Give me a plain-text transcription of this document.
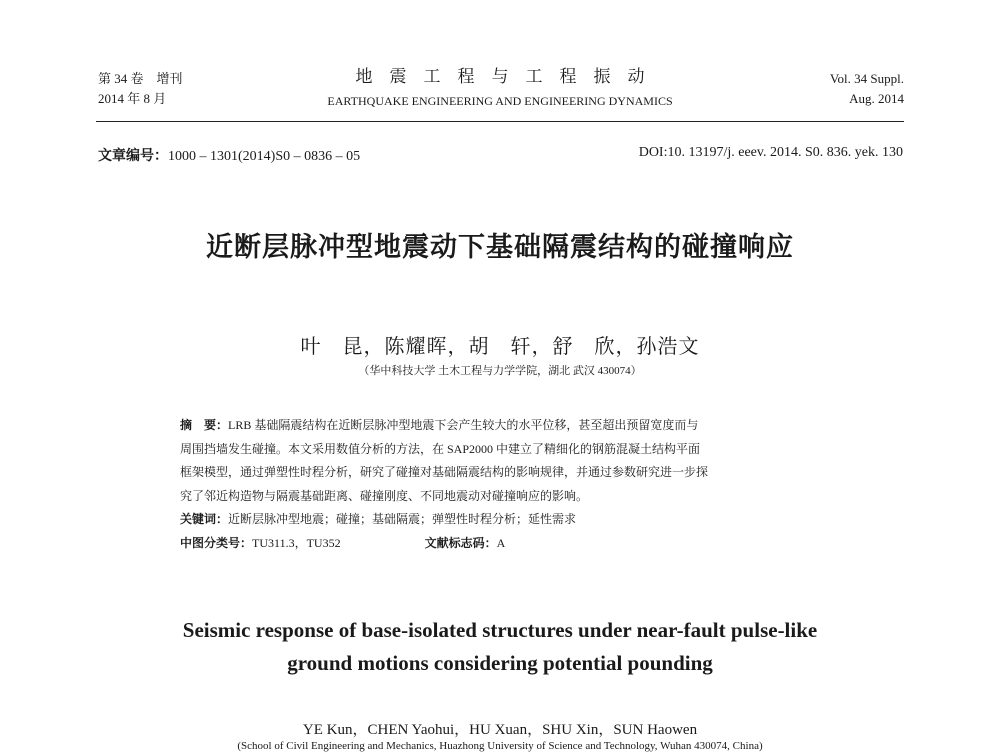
第 34 卷　增刊
2014 年 8 月
地　震　工　程　与　工　程　振　动
EARTHQUAKE ENGINEERING AND ENGINEERING DYNAMICS
Vol. 34 Suppl.
Aug. 2014
文章编号：1000 – 1301(2014)S0 – 0836 – 05	DOI:10. 13197/j. eeev. 2014. S0. 836. yek. 130
近断层脉冲型地震动下基础隔震结构的碰撞响应
叶　昆，陈耀晖，胡　轩，舒　欣，孙浩文
（华中科技大学 土木工程与力学学院，湖北 武汉 430074）
摘　要：LRB 基础隔震结构在近断层脉冲型地震下会产生较大的水平位移，甚至超出预留宽度而与
周围挡墙发生碰撞。本文采用数值分析的方法，在 SAP2000 中建立了精细化的钢筋混凝土结构平面
框架模型，通过弹塑性时程分析，研究了碰撞对基础隔震结构的影响规律，并通过参数研究进一步探
究了邻近构造物与隔震基础距离、碰撞刚度、不同地震动对碰撞响应的影响。
关键词：近断层脉冲型地震；碰撞；基础隔震；弹塑性时程分析；延性需求
中图分类号：TU311.3，TU352	文献标志码：A
Seismic response of base-isolated structures under near-fault pulse-like
ground motions considering potential pounding
YE Kun，CHEN Yaohui，HU Xuan，SHU Xin，SUN Haowen
(School of Civil Engineering and Mechanics, Huazhong University of Science and Technology, Wuhan 430074, China)
